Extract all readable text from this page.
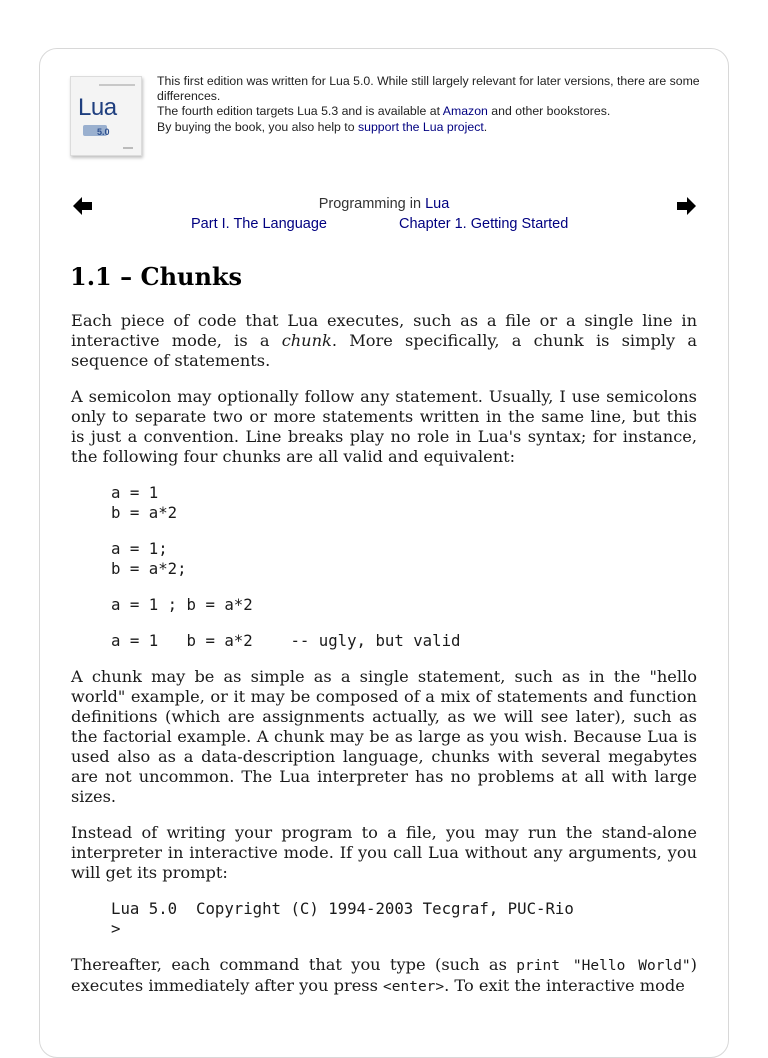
Lua
5.0
This first edition was written for Lua 5.0. While still largely relevant for later versions, there are some differences.
The fourth edition targets Lua 5.3 and is available at Amazon and other bookstores.
By buying the book, you also help to support the Lua project.
Programming in Lua
Part I. The Language	Chapter 1. Getting Started
1.1 – Chunks

Each piece of code that Lua executes, such as a file or a single line in interactive mode, is a chunk. More specifically, a chunk is simply a sequence of statements.

A semicolon may optionally follow any statement. Usually, I use semicolons only to separate two or more statements written in the same line, but this is just a convention. Line breaks play no role in Lua's syntax; for instance, the following four chunks are all valid and equivalent:

a = 1
b = a*2
a = 1;
b = a*2;
a = 1 ; b = a*2
a = 1   b = a*2    -- ugly, but valid

A chunk may be as simple as a single statement, such as in the "hello world" example, or it may be composed of a mix of statements and function definitions (which are assignments actually, as we will see later), such as the factorial example. A chunk may be as large as you wish. Because Lua is used also as a data-description language, chunks with several megabytes are not uncommon. The Lua interpreter has no problems at all with large sizes.

Instead of writing your program to a file, you may run the stand-alone interpreter in interactive mode. If you call Lua without any arguments, you will get its prompt:

Lua 5.0  Copyright (C) 1994-2003 Tecgraf, PUC-Rio
>

Thereafter, each command that you type (such as print "Hello World") executes immediately after you press <enter>. To exit the interactive mode
